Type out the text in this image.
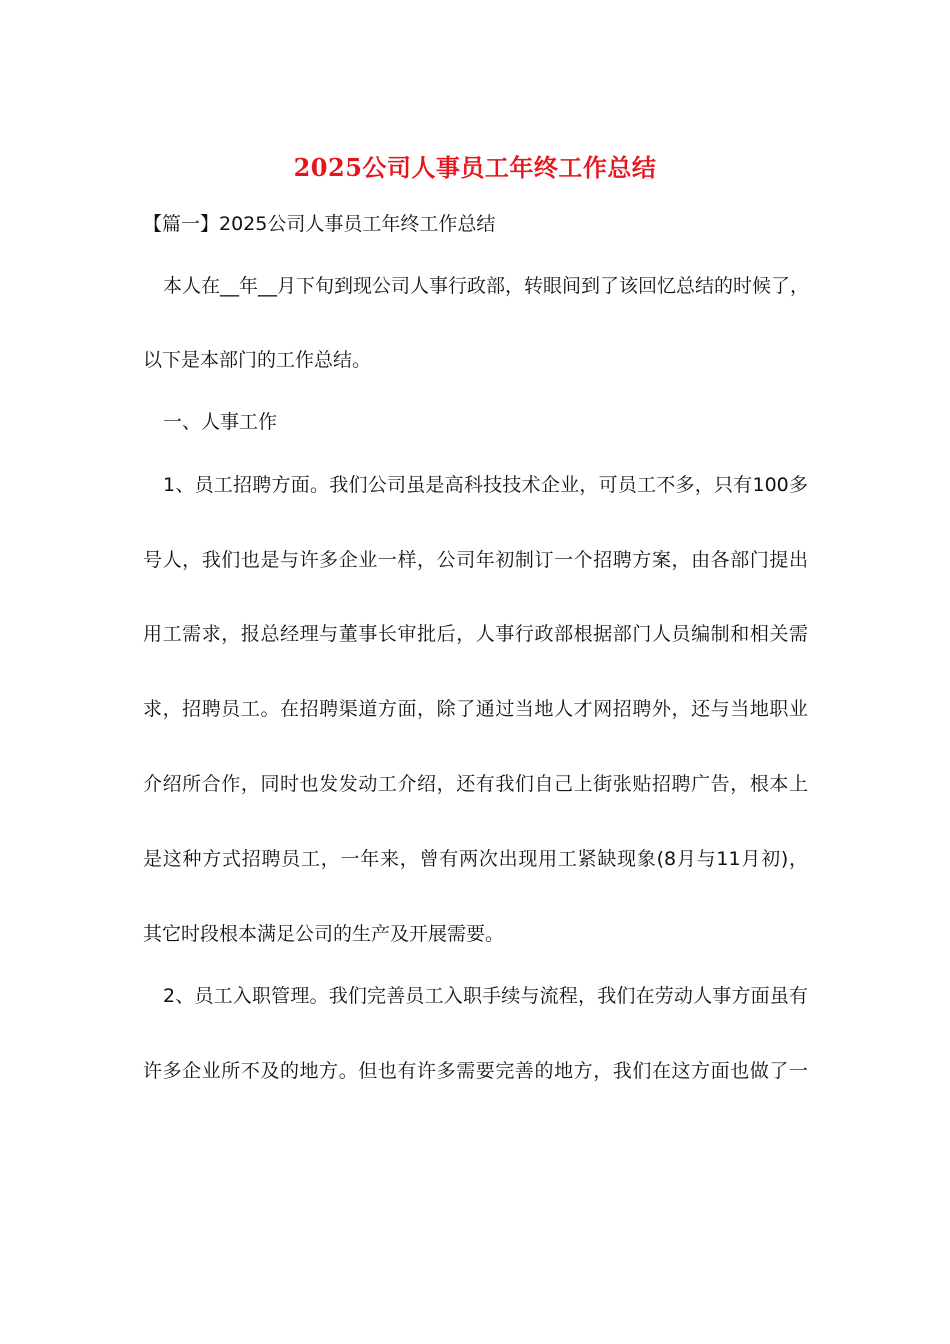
2025公司人事员工年终工作总结

【篇一】2025公司人事员工年终工作总结

本人在__年__月下旬到现公司人事行政部，转眼间到了该回忆总结的时候了，

以下是本部门的工作总结。

一、人事工作

1、员工招聘方面。我们公司虽是高科技技术企业，可员工不多，只有100多

号人，我们也是与许多企业一样，公司年初制订一个招聘方案，由各部门提出

用工需求，报总经理与董事长审批后，人事行政部根据部门人员编制和相关需

求，招聘员工。在招聘渠道方面，除了通过当地人才网招聘外，还与当地职业

介绍所合作，同时也发发动工介绍，还有我们自己上街张贴招聘广告，根本上

是这种方式招聘员工，一年来，曾有两次出现用工紧缺现象(8月与11月初)，

其它时段根本满足公司的生产及开展需要。

2、员工入职管理。我们完善员工入职手续与流程，我们在劳动人事方面虽有

许多企业所不及的地方。但也有许多需要完善的地方，我们在这方面也做了一
